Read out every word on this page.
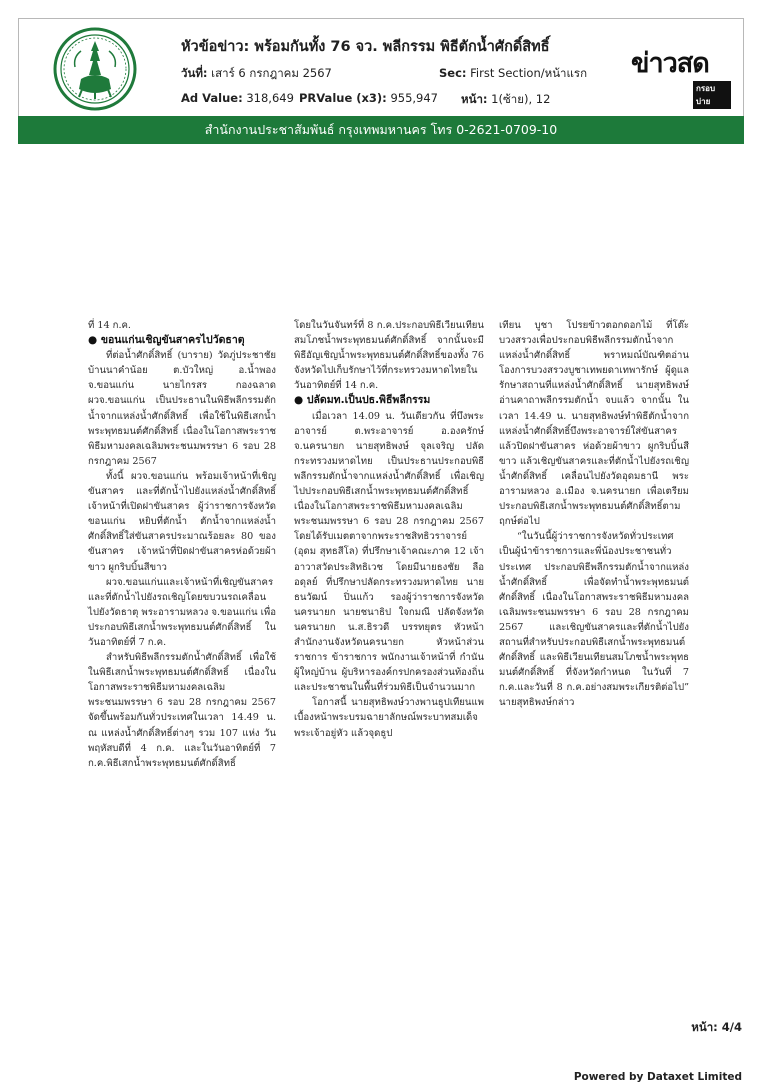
หัวข้อข่าว: พร้อมกันทั้ง 76 จว. พลีกรรม พิธีตักน้ำศักดิ์สิทธิ์
วันที่: เสาร์ 6 กรกฎาคม 2567	Sec: First Section/หน้าแรก
Ad Value: 318,649 PRValue (x3): 955,947 หน้า: 1(ซ้าย), 12
ข่าวสด
กรอบบ่าย
สำนักงานประชาสัมพันธ์ กรุงเทพมหานคร โทร 0-2621-0709-10

ที่ 14 ก.ค.

● ขอนแก่นเชิญขันสาครไปวัดธาตุ

ที่ต่อน้ำศักดิ์สิทธิ์ (บาราย) วัดภู่ประชาชัย บ้านนาคำน้อย ต.บัวใหญ่ อ.น้ำพอง จ.ขอนแก่น นายไกรสร กองฉลาด ผวจ.ขอนแก่น เป็นประธานในพิธีพลีกรรมตักน้ำจากแหล่งน้ำศักดิ์สิทธิ์ เพื่อใช้ในพิธีเสกน้ำพระพุทธมนต์ศักดิ์สิทธิ์ เนื่องในโอกาสพระราชพิธีมหามงคลเฉลิมพระชนมพรรษา 6 รอบ 28 กรกฎาคม 2567

ทั้งนี้ ผวจ.ขอนแก่น พร้อมเจ้าหน้าที่เชิญขันสาคร และที่ตักน้ำไปยังแหล่งน้ำศักดิ์สิทธิ์ เจ้าหน้าที่เปิดฝาขันสาคร ผู้ว่าราชการจังหวัดขอนแก่น หยิบที่ตักน้ำ ตักน้ำจากแหล่งน้ำศักดิ์สิทธิ์ใส่ขันสาครประมาณร้อยละ 80 ของขันสาคร เจ้าหน้าที่ปิดฝาขันสาครห่อด้วยผ้าขาว ผูกริบบิ้นสีขาว

ผวจ.ขอนแก่นและเจ้าหน้าที่เชิญขันสาครและที่ตักน้ำไปยังรถเชิญโดยขบวนรถเคลื่อนไปยังวัดธาตุ พระอารามหลวง จ.ขอนแก่น เพื่อประกอบพิธีเสกน้ำพระพุทธมนต์ศักดิ์สิทธิ์ ในวันอาทิตย์ที่ 7 ก.ค.

สำหรับพิธีพลีกรรมตักน้ำศักดิ์สิทธิ์ เพื่อใช้ในพิธีเสกน้ำพระพุทธมนต์ศักดิ์สิทธิ์ เนื่องในโอกาสพระราชพิธีมหามงคลเฉลิมพระชนมพรรษา 6 รอบ 28 กรกฎาคม 2567 จัดขึ้นพร้อมกันทั่วประเทศในเวลา 14.49 น. ณ แหล่งน้ำศักดิ์สิทธิ์ต่างๆ รวม 107 แห่ง วันพฤหัสบดีที่ 4 ก.ค. และในวันอาทิตย์ที่ 7 ก.ค.พิธีเสกน้ำพระพุทธมนต์ศักดิ์สิทธิ์

โดยในวันจันทร์ที่ 8 ก.ค.ประกอบพิธีเวียนเทียนสมโภชน้ำพระพุทธมนต์ศักดิ์สิทธิ์ จากนั้นจะมีพิธีอัญเชิญน้ำพระพุทธมนต์ศักดิ์สิทธิ์ของทั้ง 76 จังหวัดไปเก็บรักษาไว้ที่กระทรวงมหาดไทยในวันอาทิตย์ที่ 14 ก.ค.

● ปลัดมท.เป็นปธ.พิธีพลีกรรม

เมื่อเวลา 14.09 น. วันเดียวกัน ที่บึงพระอาจารย์ ต.พระอาจารย์ อ.องครักษ์ จ.นครนายก นายสุทธิพงษ์ จุลเจริญ ปลัดกระทรวงมหาดไทย เป็นประธานประกอบพิธีพลีกรรมตักน้ำจากแหล่งน้ำศักดิ์สิทธิ์ เพื่อเชิญไปประกอบพิธีเสกน้ำพระพุทธมนต์ศักดิ์สิทธิ์ เนื่องในโอกาสพระราชพิธีมหามงคลเฉลิมพระชนมพรรษา 6 รอบ 28 กรกฎาคม 2567 โดยได้รับเมตตาจากพระราชสิทธิวราจารย์ (อุดม สุทธสีโล) ที่ปรึกษาเจ้าคณะภาค 12 เจ้าอาวาสวัดประสิทธิเวช โดยมีนายธงชัย ลืออดุลย์ ที่ปรึกษาปลัดกระทรวงมหาดไทย นายธนวัฒน์ ปิ่นแก้ว รองผู้ว่าราชการจังหวัดนครนายก นายชนาธิป ใจกมณี ปลัดจังหวัดนครนายก น.ส.ธิรวดี บรรทยุตร หัวหน้าสำนักงานจังหวัดนครนายก หัวหน้าส่วนราชการ ข้าราชการ พนักงานเจ้าหน้าที่ กำนัน ผู้ใหญ่บ้าน ผู้บริหารองค์กรปกครองส่วนท้องถิ่น และประชาชนในพื้นที่ร่วมพิธีเป็นจำนวนมาก

โอกาสนี้ นายสุทธิพงษ์วางพานธูปเทียนแพ เบื้องหน้าพระบรมฉายาลักษณ์พระบาทสมเด็จพระเจ้าอยู่หัว แล้วจุดธูป

เทียน บูชา โปรยข้าวตอกดอกไม้ ที่โต๊ะบวงสรวงเพื่อประกอบพิธีพลีกรรมตักน้ำจากแหล่งน้ำศักดิ์สิทธิ์ พราหมณ์บัณฑิตอ่านโองการบวงสรวงบูชาเทพยดาเทพารักษ์ ผู้ดูแลรักษาสถานที่แหล่งน้ำศักดิ์สิทธิ์ นายสุทธิพงษ์อ่านคาถาพลีกรรมตักน้ำ จบแล้ว จากนั้น ในเวลา 14.49 น. นายสุทธิพงษ์ทำพิธีตักน้ำจากแหล่งน้ำศักดิ์สิทธิ์บึงพระอาจารย์ใส่ขันสาคร แล้วปิดฝาขันสาคร ห่อด้วยผ้าขาว ผูกริบบิ้นสีขาว แล้วเชิญขันสาครและที่ตักน้ำไปยังรถเชิญน้ำศักดิ์สิทธิ์ เคลื่อนไปยังวัดอุดมธานี พระอารามหลวง อ.เมือง จ.นครนายก เพื่อเตรียมประกอบพิธีเสกน้ำพระพุทธมนต์ศักดิ์สิทธิ์ตามฤกษ์ต่อไป

“ในวันนี้ผู้ว่าราชการจังหวัดทั่วประเทศเป็นผู้นำข้าราชการและพี่น้องประชาชนทั่วประเทศ ประกอบพิธีพลีกรรมตักน้ำจากแหล่งน้ำศักดิ์สิทธิ์ เพื่อจัดทำน้ำพระพุทธมนต์ศักดิ์สิทธิ์ เนื่องในโอกาสพระราชพิธีมหามงคลเฉลิมพระชนมพรรษา 6 รอบ 28 กรกฎาคม 2567 และเชิญขันสาครและที่ตักน้ำไปยังสถานที่สำหรับประกอบพิธีเสกน้ำพระพุทธมนต์ศักดิ์สิทธิ์ และพิธีเวียนเทียนสมโภชน้ำพระพุทธมนต์ศักดิ์สิทธิ์ ที่จังหวัดกำหนด ในวันที่ 7 ก.ค.และวันที่ 8 ก.ค.อย่างสมพระเกียรติต่อไป” นายสุทธิพงษ์กล่าว

หน้า: 4/4
Powered by Dataxet Limited
